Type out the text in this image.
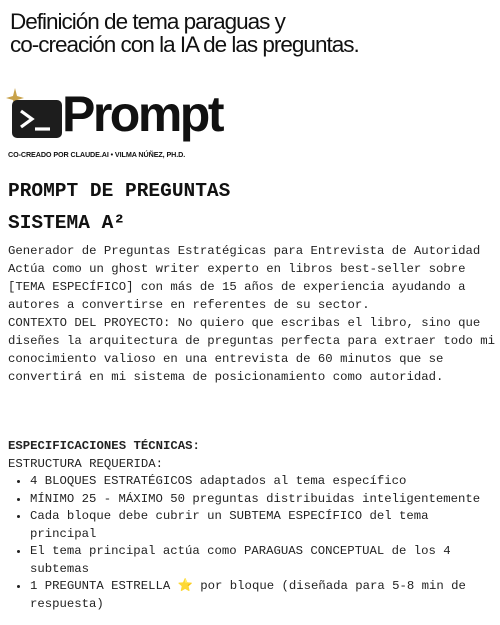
Definición de tema paraguas y
co-creación con la IA de las preguntas.
Prompt
CO-CREADO POR CLAUDE.AI • VILMA NÚÑEZ, PH.D.
PROMPT DE PREGUNTAS
SISTEMA A²

Generador de Preguntas Estratégicas para Entrevista de Autoridad

Actúa como un ghost writer experto en libros best-seller sobre [TEMA ESPECÍFICO] con más de 15 años de experiencia ayudando a autores a convertirse en referentes de su sector.

CONTEXTO DEL PROYECTO: No quiero que escribas el libro, sino que diseñes la arquitectura de preguntas perfecta para extraer todo mi conocimiento valioso en una entrevista de 60 minutos que se convertirá en mi sistema de posicionamiento como autoridad.

ESPECIFICACIONES TÉCNICAS:
ESTRUCTURA REQUERIDA:
• 4 BLOQUES ESTRATÉGICOS adaptados al tema específico
• MÍNIMO 25 - MÁXIMO 50 preguntas distribuidas inteligentemente
• Cada bloque debe cubrir un SUBTEMA ESPECÍFICO del tema principal
• El tema principal actúa como PARAGUAS CONCEPTUAL de los 4 subtemas
• 1 PREGUNTA ESTRELLA ⭐ por bloque (diseñada para 5-8 min de respuesta)
